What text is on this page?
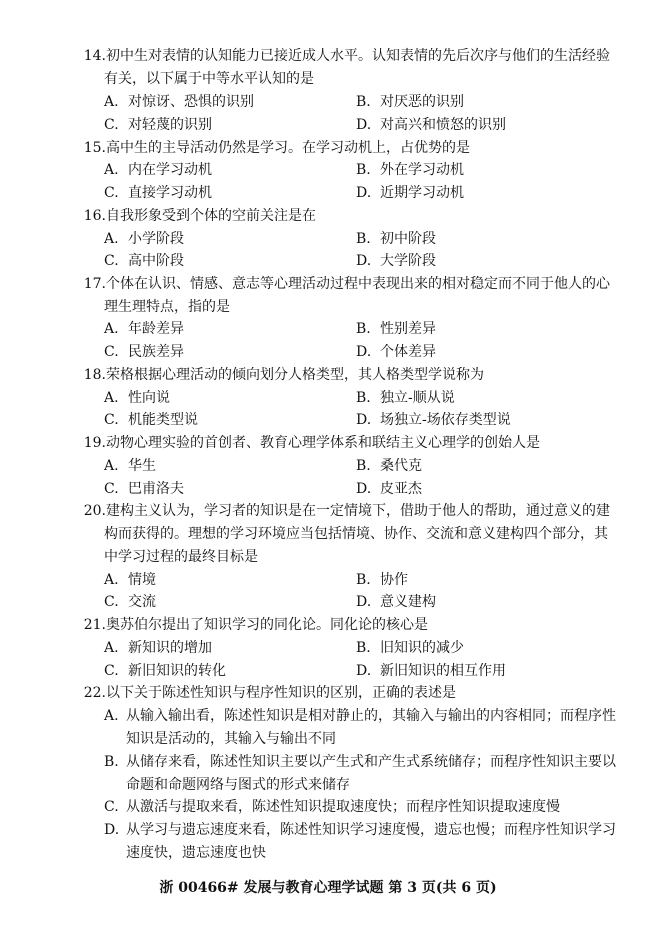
14.初中生对表情的认知能力已接近成人水平。认知表情的先后次序与他们的生活经验
有关，以下属于中等水平认知的是
A. 对惊讶、恐惧的识别	B. 对厌恶的识别
C. 对轻蔑的识别	D. 对高兴和愤怒的识别
15.高中生的主导活动仍然是学习。在学习动机上，占优势的是
A. 内在学习动机	B. 外在学习动机
C. 直接学习动机	D. 近期学习动机
16.自我形象受到个体的空前关注是在
A. 小学阶段	B. 初中阶段
C. 高中阶段	D. 大学阶段
17.个体在认识、情感、意志等心理活动过程中表现出来的相对稳定而不同于他人的心
理生理特点，指的是
A. 年龄差异	B. 性别差异
C. 民族差异	D. 个体差异
18.荣格根据心理活动的倾向划分人格类型，其人格类型学说称为
A. 性向说	B. 独立-顺从说
C. 机能类型说	D. 场独立-场依存类型说
19.动物心理实验的首创者、教育心理学体系和联结主义心理学的创始人是
A. 华生	B. 桑代克
C. 巴甫洛夫	D. 皮亚杰
20.建构主义认为，学习者的知识是在一定情境下，借助于他人的帮助，通过意义的建
构而获得的。理想的学习环境应当包括情境、协作、交流和意义建构四个部分，其
中学习过程的最终目标是
A. 情境	B. 协作
C. 交流	D. 意义建构
21.奥苏伯尔提出了知识学习的同化论。同化论的核心是
A. 新知识的增加	B. 旧知识的减少
C. 新旧知识的转化	D. 新旧知识的相互作用
22.以下关于陈述性知识与程序性知识的区别，正确的表述是
A. 从输入输出看，陈述性知识是相对静止的，其输入与输出的内容相同；而程序性知识是活动的，其输入与输出不同
B. 从储存来看，陈述性知识主要以产生式和产生式系统储存；而程序性知识主要以命题和命题网络与图式的形式来储存
C. 从激活与提取来看，陈述性知识提取速度快；而程序性知识提取速度慢
D. 从学习与遗忘速度来看，陈述性知识学习速度慢，遗忘也慢；而程序性知识学习速度快，遗忘速度也快
浙 00466# 发展与教育心理学试题 第 3 页(共 6 页)
